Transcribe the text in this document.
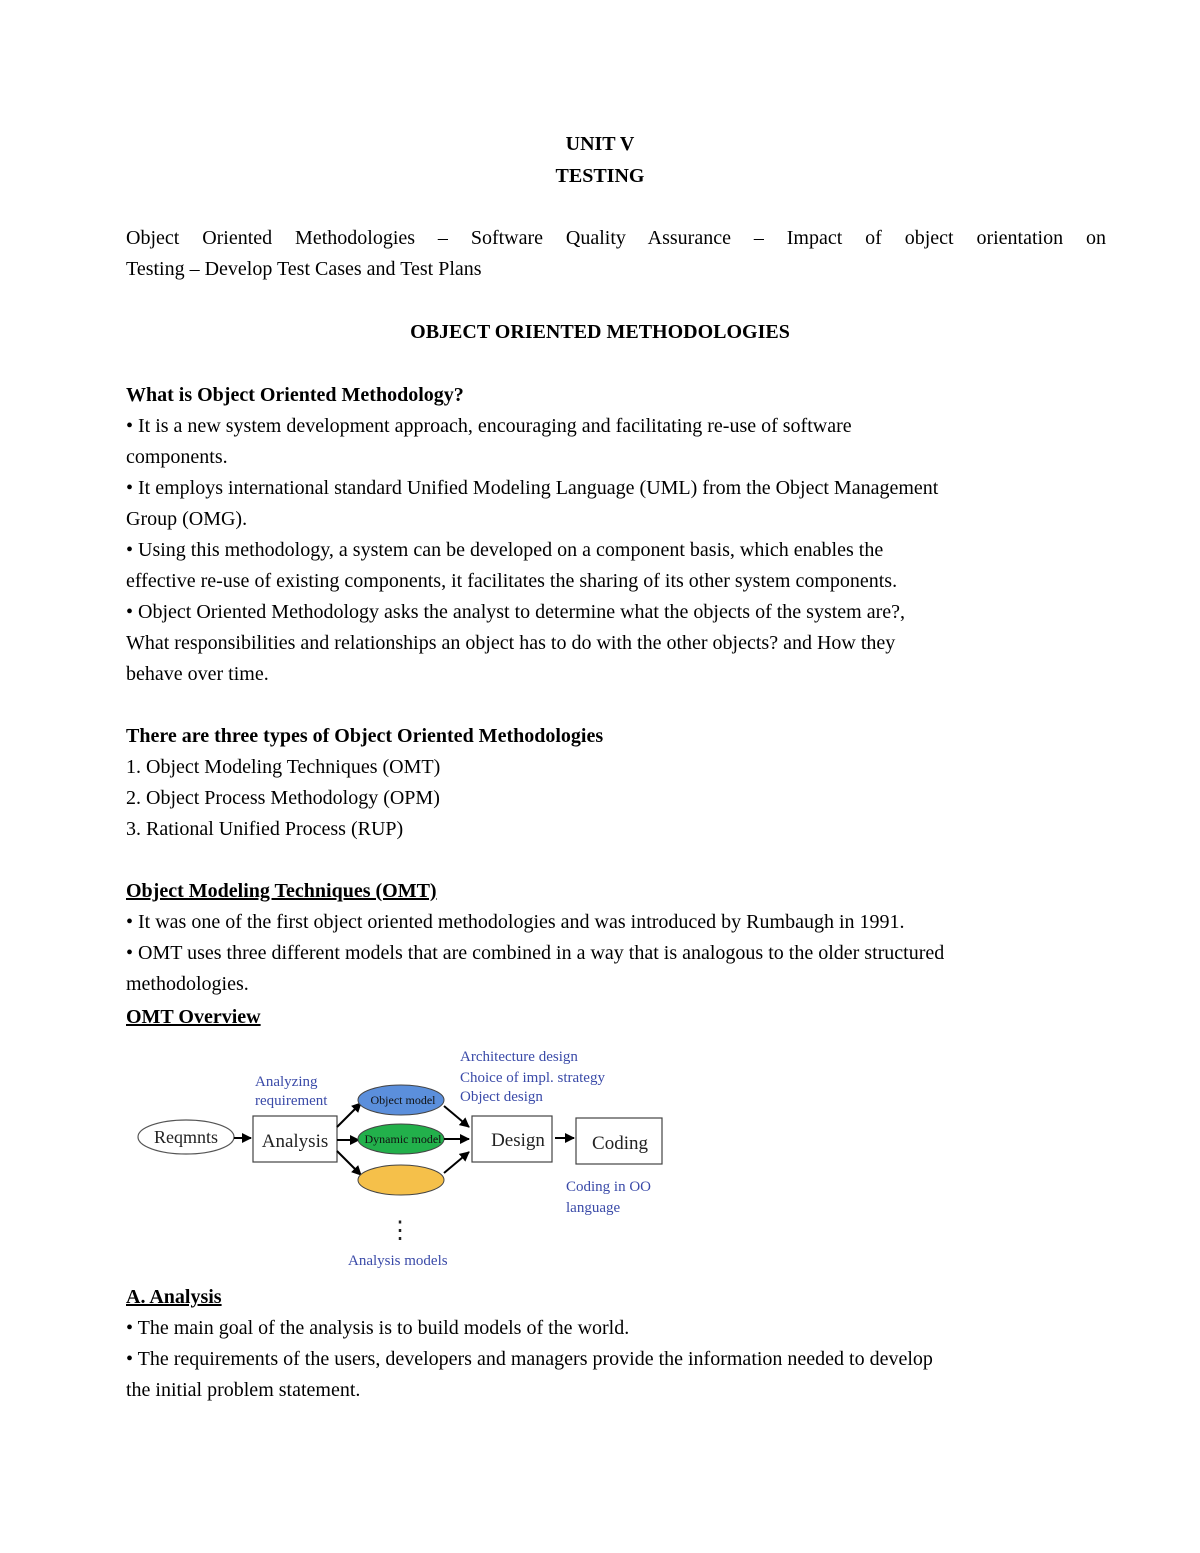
UNIT V
TESTING
Object Oriented Methodologies – Software Quality Assurance – Impact of object orientation on
Testing – Develop Test Cases and Test Plans
OBJECT ORIENTED METHODOLOGIES
What is Object Oriented Methodology?
• It is a new system development approach, encouraging and facilitating re-use of software
components.
• It employs international standard Unified Modeling Language (UML) from the Object Management
Group (OMG).
• Using this methodology, a system can be developed on a component basis, which enables the
effective re-use of existing components, it facilitates the sharing of its other system components.
• Object Oriented Methodology asks the analyst to determine what the objects of the system are?,
What responsibilities and relationships an object has to do with the other objects? and How they
behave over time.
There are three types of Object Oriented Methodologies
1. Object Modeling Techniques (OMT)
2. Object Process Methodology (OPM)
3. Rational Unified Process (RUP)
Object Modeling Techniques (OMT)
• It was one of the first object oriented methodologies and was introduced by Rumbaugh in 1991.
• OMT uses three different models that are combined in a way that is analogous to the older structured
methodologies.
OMT Overview
Reqmnts Analysis
Analyzing
requirement	Object model
Dynamic model
⋮
Analysis models
Architecture design
Choice of impl. strategy
Object design
Design Coding
Coding in OO
language
A. Analysis
• The main goal of the analysis is to build models of the world.
• The requirements of the users, developers and managers provide the information needed to develop
the initial problem statement.
